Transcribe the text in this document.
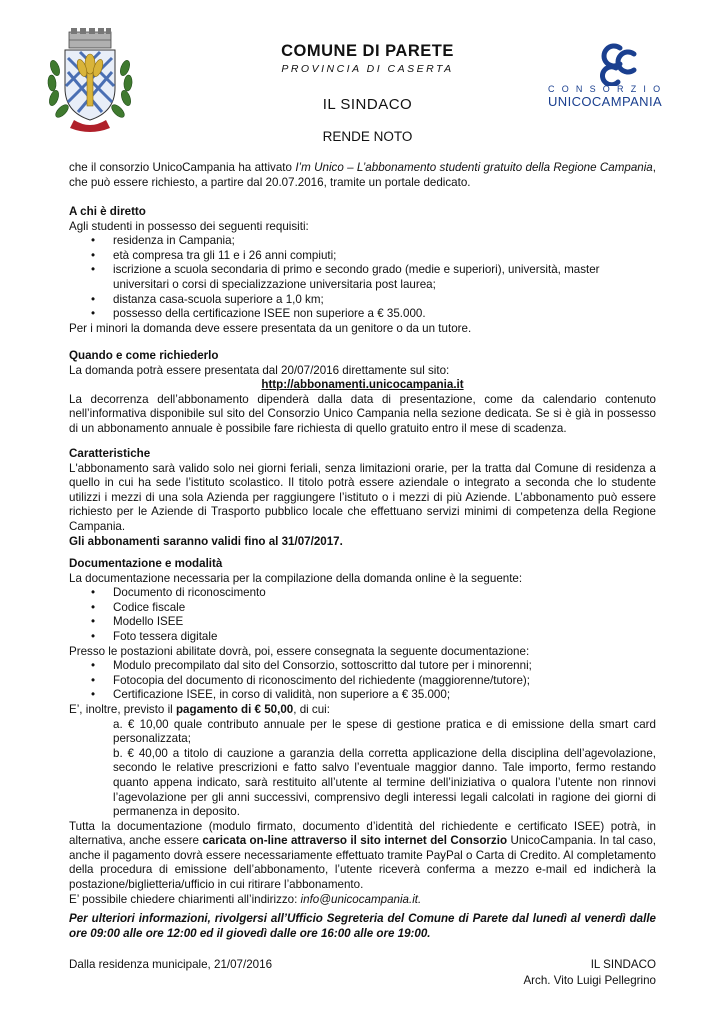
COMUNE DI PARETE
PROVINCIA DI CASERTA
IL SINDACO
RENDE NOTO
CONSORZIO
UNICOCAMPANIA

che il consorzio UnicoCampania ha attivato I’m Unico – L’abbonamento studenti gratuito della Regione Campania, che può essere richiesto, a partire dal 20.07.2016, tramite un portale dedicato.

A chi è diretto

Agli studenti in possesso dei seguenti requisiti:

• residenza in Campania;
• età compresa tra gli 11 e i 26 anni compiuti;
• iscrizione a scuola secondaria di primo e secondo grado (medie e superiori), università, master universitari o corsi di specializzazione universitaria post laurea;
• distanza casa-scuola superiore a 1,0 km;
• possesso della certificazione ISEE non superiore a € 35.000.

Per i minori la domanda deve essere presentata da un genitore o da un tutore.

Quando e come richiederlo

La domanda potrà essere presentata dal 20/07/2016 direttamente sul sito:

http://abbonamenti.unicocampania.it

La decorrenza dell’abbonamento dipenderà dalla data di presentazione, come da calendario contenuto nell’informativa disponibile sul sito del Consorzio Unico Campania nella sezione dedicata. Se si è già in possesso di un abbonamento annuale è possibile fare richiesta di quello gratuito entro il mese di scadenza.

Caratteristiche

L'abbonamento sarà valido solo nei giorni feriali, senza limitazioni orarie, per la tratta dal Comune di residenza a quello in cui ha sede l’istituto scolastico. Il titolo potrà essere aziendale o integrato a seconda che lo studente utilizzi i mezzi di una sola Azienda per raggiungere l’istituto o i mezzi di più Aziende. L’abbonamento può essere richiesto per le Aziende di Trasporto pubblico locale che effettuano servizi minimi di competenza della Regione Campania.

Gli abbonamenti saranno validi fino al 31/07/2017.

Documentazione e modalità

La documentazione necessaria per la compilazione della domanda online è la seguente:

• Documento di riconoscimento
• Codice fiscale
• Modello ISEE
• Foto tessera digitale

Presso le postazioni abilitate dovrà, poi, essere consegnata la seguente documentazione:

• Modulo precompilato dal sito del Consorzio, sottoscritto dal tutore per i minorenni;
• Fotocopia del documento di riconoscimento del richiedente (maggiorenne/tutore);
• Certificazione ISEE, in corso di validità, non superiore a € 35.000;

E’, inoltre, previsto il pagamento di € 50,00, di cui:

a. € 10,00 quale contributo annuale per le spese di gestione pratica e di emissione della smart card personalizzata;

b. € 40,00 a titolo di cauzione a garanzia della corretta applicazione della disciplina dell’agevolazione, secondo le relative prescrizioni e fatto salvo l’eventuale maggior danno. Tale importo, fermo restando quanto appena indicato, sarà restituito all’utente al termine dell’iniziativa o qualora l’utente non rinnovi l’agevolazione per gli anni successivi, comprensivo degli interessi legali calcolati in ragione dei giorni di permanenza in deposito.

Tutta la documentazione (modulo firmato, documento d’identità del richiedente e certificato ISEE) potrà, in alternativa, anche essere caricata on-line attraverso il sito internet del Consorzio UnicoCampania. In tal caso, anche il pagamento dovrà essere necessariamente effettuato tramite PayPal o Carta di Credito. Al completamento della procedura di emissione dell’abbonamento, l’utente riceverà conferma a mezzo e-mail ed indicherà la postazione/biglietteria/ufficio in cui ritirare l’abbonamento.

E’ possibile chiedere chiarimenti all’indirizzo: info@unicocampania.it.

Per ulteriori informazioni, rivolgersi all’Ufficio Segreteria del Comune di Parete dal lunedì al venerdì dalle ore 09:00 alle ore 12:00 ed il giovedì dalle ore 16:00 alle ore 19:00.

Dalla residenza municipale, 21/07/2016	IL SINDACO
Arch. Vito Luigi Pellegrino
